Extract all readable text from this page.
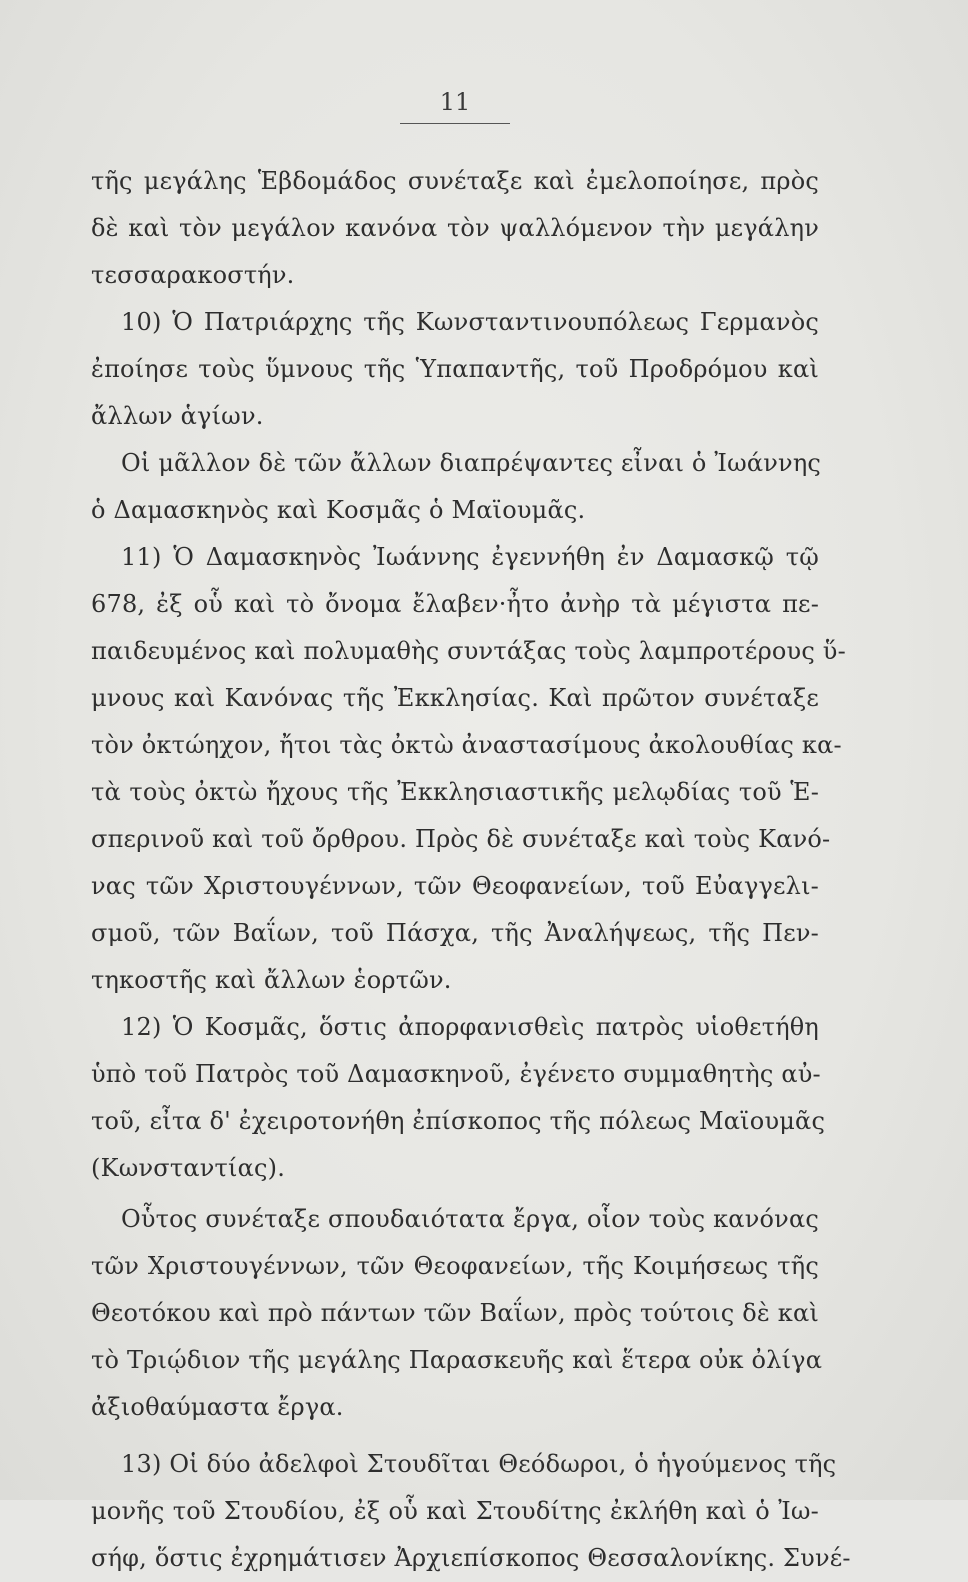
11
τῆς μεγάλης Ἑβδομάδος συνέταξε καὶ ἐμελοποίησε, πρὸς
δὲ καὶ τὸν μεγάλον κανόνα τὸν ψαλλόμενον τὴν μεγάλην
τεσσαρακοστήν.
10) Ὁ Πατριάρχης τῆς Κωνσταντινουπόλεως Γερμανὸς
ἐποίησε τοὺς ὕμνους τῆς Ὑπαπαντῆς, τοῦ Προδρόμου καὶ
ἄλλων ἁγίων.
Οἱ μᾶλλον δὲ τῶν ἄλλων διαπρέψαντες εἶναι ὁ Ἰωάννης
ὁ Δαμασκηνὸς καὶ Κοσμᾶς ὁ Μαϊουμᾶς.
11) Ὁ Δαμασκηνὸς Ἰωάννης ἐγεννήθη ἐν Δαμασκῷ τῷ
678, ἐξ οὗ καὶ τὸ ὄνομα ἔλαβεν·ἦτο ἀνὴρ τὰ μέγιστα πε-
παιδευμένος καὶ πολυμαθὴς συντάξας τοὺς λαμπροτέρους ὕ-
μνους καὶ Κανόνας τῆς Ἐκκλησίας. Καὶ πρῶτον συνέταξε
τὸν ὀκτώηχον, ἤτοι τὰς ὀκτὼ ἀναστασίμους ἀκολουθίας κα-
τὰ τοὺς ὀκτὼ ἤχους τῆς Ἐκκλησιαστικῆς μελῳδίας τοῦ Ἑ-
σπερινοῦ καὶ τοῦ ὄρθρου. Πρὸς δὲ συνέταξε καὶ τοὺς Κανό-
νας τῶν Χριστουγέννων, τῶν Θεοφανείων, τοῦ Εὐαγγελι-
σμοῦ, τῶν Βαΐων, τοῦ Πάσχα, τῆς Ἀναλήψεως, τῆς Πεν-
τηκοστῆς καὶ ἄλλων ἑορτῶν.
12) Ὁ Κοσμᾶς, ὅστις ἀπορφανισθεὶς πατρὸς υἱοθετήθη
ὑπὸ τοῦ Πατρὸς τοῦ Δαμασκηνοῦ, ἐγένετο συμμαθητὴς αὐ-
τοῦ, εἶτα δ' ἐχειροτονήθη ἐπίσκοπος τῆς πόλεως Μαϊουμᾶς
(Κωνσταντίας).
Οὗτος συνέταξε σπουδαιότατα ἔργα, οἷον τοὺς κανόνας
τῶν Χριστουγέννων, τῶν Θεοφανείων, τῆς Κοιμήσεως τῆς
Θεοτόκου καὶ πρὸ πάντων τῶν Βαΐων, πρὸς τούτοις δὲ καὶ
τὸ Τριῴδιον τῆς μεγάλης Παρασκευῆς καὶ ἕτερα οὐκ ὀλίγα
ἀξιοθαύμαστα ἔργα.
13) Οἱ δύο ἀδελφοὶ Στουδῖται Θεόδωροι, ὁ ἡγούμενος τῆς
μονῆς τοῦ Στουδίου, ἐξ οὗ καὶ Στουδίτης ἐκλήθη καὶ ὁ Ἰω-
σήφ, ὅστις ἐχρημάτισεν Ἀρχιεπίσκοπος Θεσσαλονίκης. Συνέ-
